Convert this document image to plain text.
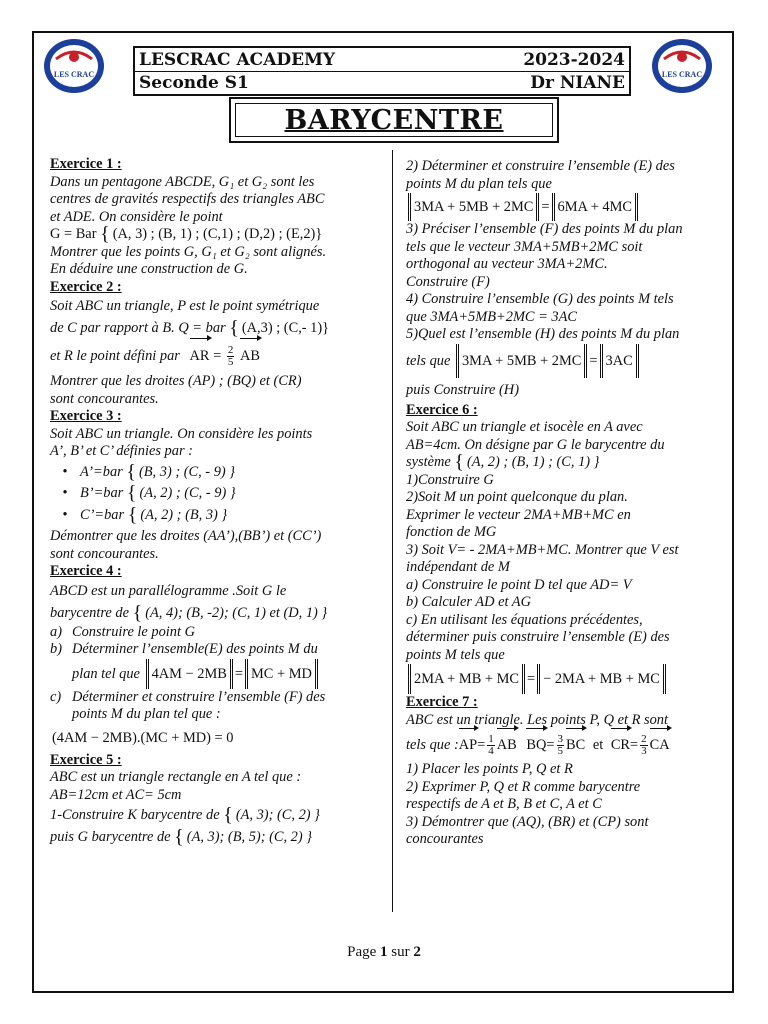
LES CRAC	LES CRAC
LESCRAC ACADEMY	2023-2024
Seconde S1	Dr NIANE
BARYCENTRE

Exercice 1 :

Dans un pentagone ABCDE, G₁ et G₂ sont les

centres de gravités respectifs des triangles ABC

et ADE. On considère le point

G = Bar { (A, 3) ; (B, 1) ; (C,1) ; (D,2) ; (E,2)}

Montrer que les points G, G₁ et G₂ sont alignés.

En déduire une construction de G.

Exercice 2 :

Soit ABC un triangle, P est le point symétrique

de C par rapport à B. Q = bar { (A,3) ; (C,- 1)}

et R le point défini par AR = $\frac{2}{5}$ AB

Montrer que les droites (AP) ; (BQ) et (CR)

sont concourantes.

Exercice 3 :

Soit ABC un triangle. On considère les points

A’, B’ et C’ définies par :

• A’=bar { (B, 3) ; (C, - 9) }
• B’=bar { (A, 2) ; (C, - 9) }
• C’=bar { (A, 2) ; (B, 3) }

Démontrer que les droites (AA’),(BB’) et (CC’)

sont concourantes.

Exercice 4 :

ABCD est un parallélogramme .Soit G le

barycentre de { (A, 4); (B, -2); (C, 1) et (D, 1) }

a) Construire le point G
b) Déterminer l’ensemble(E) des points M du

plan tel que 4AM − 2MB = MC + MD

c) Déterminer et construire l’ensemble (F) des

points M du plan tel que :

(4AM − 2MB).(MC + MD) = 0

Exercice 5 :

ABC est un triangle rectangle en A tel que :

AB=12cm et AC= 5cm

1-Construire K barycentre de { (A, 3); (C, 2) }

puis G barycentre de { (A, 3); (B, 5); (C, 2) }

2) Déterminer et construire l’ensemble (E) des

points M du plan tels que

3MA + 5MB + 2MC = 6MA + 4MC

3) Préciser l’ensemble (F) des points M du plan

tels que le vecteur 3MA+5MB+2MC soit

orthogonal au vecteur 3MA+2MC.

Construire (F)

4) Construire l’ensemble (G) des points M tels

que 3MA+5MB+2MC = 3AC

5)Quel est l’ensemble (H) des points M du plan

tels que 3MA + 5MB + 2MC = 3AC

puis Construire (H)

Exercice 6 :

Soit ABC un triangle et isocèle en A avec

AB=4cm. On désigne par G le barycentre du

système { (A, 2) ; (B, 1) ; (C, 1) }

1)Construire G

2)Soit M un point quelconque du plan.

Exprimer le vecteur 2MA+MB+MC en

fonction de MG

3) Soit V= - 2MA+MB+MC. Montrer que V est

indépendant de M

a) Construire le point D tel que AD= V

b) Calculer AD et AG

c) En utilisant les équations précédentes,

déterminer puis construire l’ensemble (E) des

points M tels que

2MA + MB + MC = − 2MA + MB + MC

Exercice 7 :

ABC est un triangle. Les points P, Q et R sont

tels que :AP= $\frac{1}{4}$ AB $BQ= \frac{3}{5}$ BC et $CR= \frac{2}{3}$ CA

1) Placer les points P, Q et R

2) Exprimer P, Q et R comme barycentre

respectifs de A et B, B et C, A et C

3) Démontrer que (AQ), (BR) et (CP) sont

concourantes

Page 1 sur 2
